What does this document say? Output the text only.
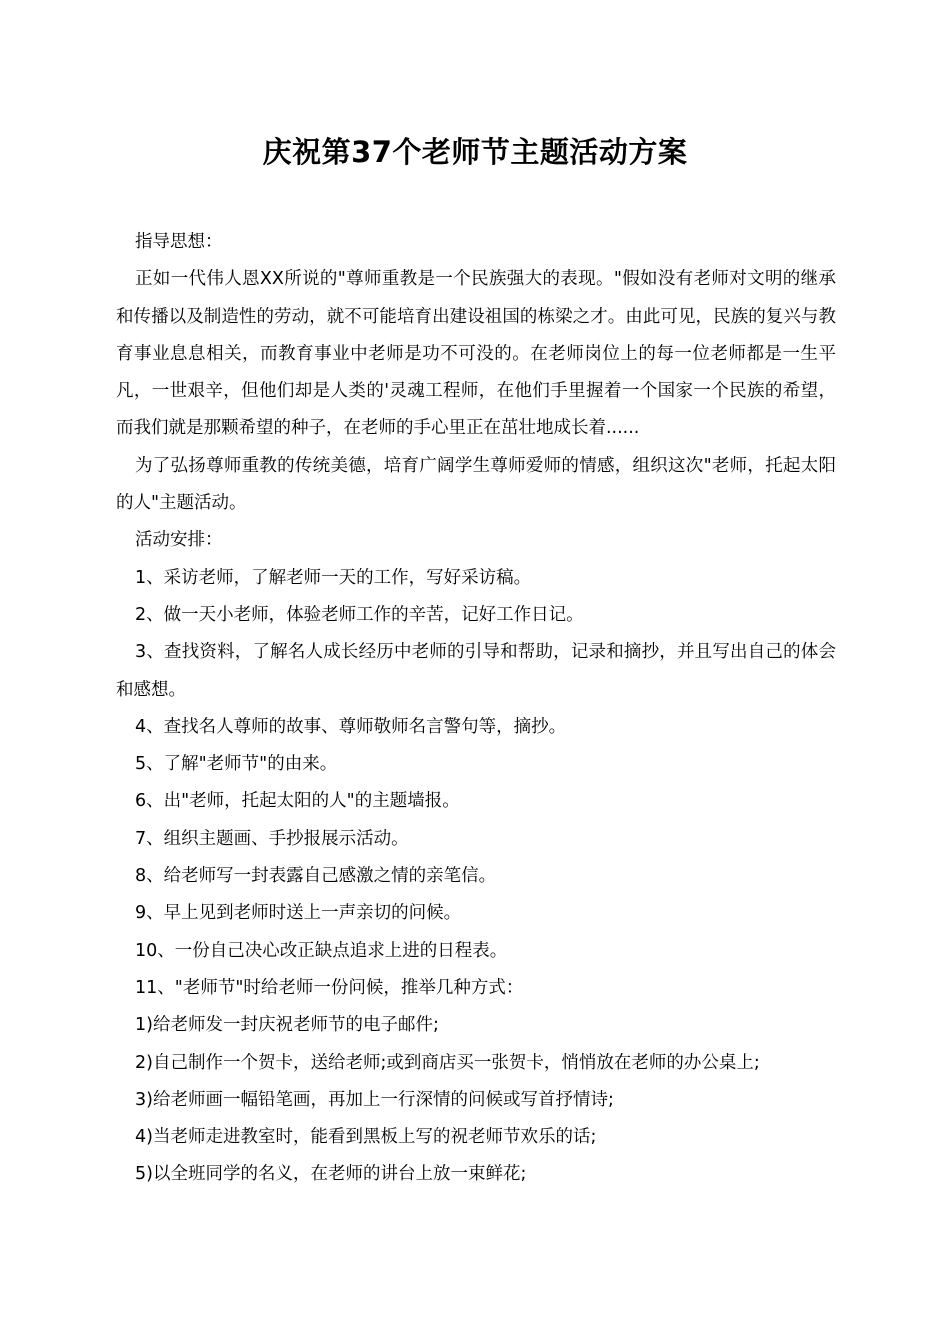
庆祝第37个老师节主题活动方案

指导思想：

正如一代伟人恩XX所说的"尊师重教是一个民族强大的表现。"假如没有老师对文明的继承和传播以及制造性的劳动，就不可能培育出建设祖国的栋梁之才。由此可见，民族的复兴与教育事业息息相关，而教育事业中老师是功不可没的。在老师岗位上的每一位老师都是一生平凡，一世艰辛，但他们却是人类的'灵魂工程师，在他们手里握着一个国家一个民族的希望，而我们就是那颗希望的种子，在老师的手心里正在茁壮地成长着......

为了弘扬尊师重教的传统美德，培育广阔学生尊师爱师的情感，组织这次"老师，托起太阳的人"主题活动。

活动安排：

1、采访老师，了解老师一天的工作，写好采访稿。

2、做一天小老师，体验老师工作的辛苦，记好工作日记。

3、查找资料，了解名人成长经历中老师的引导和帮助，记录和摘抄，并且写出自己的体会和感想。

4、查找名人尊师的故事、尊师敬师名言警句等，摘抄。

5、了解"老师节"的由来。

6、出"老师，托起太阳的人"的主题墙报。

7、组织主题画、手抄报展示活动。

8、给老师写一封表露自己感激之情的亲笔信。

9、早上见到老师时送上一声亲切的问候。

10、一份自己决心改正缺点追求上进的日程表。

11、"老师节"时给老师一份问候，推举几种方式：

1)给老师发一封庆祝老师节的电子邮件;

2)自己制作一个贺卡，送给老师;或到商店买一张贺卡，悄悄放在老师的办公桌上;

3)给老师画一幅铅笔画，再加上一行深情的问候或写首抒情诗;

4)当老师走进教室时，能看到黑板上写的祝老师节欢乐的话;

5)以全班同学的名义，在老师的讲台上放一束鲜花;
